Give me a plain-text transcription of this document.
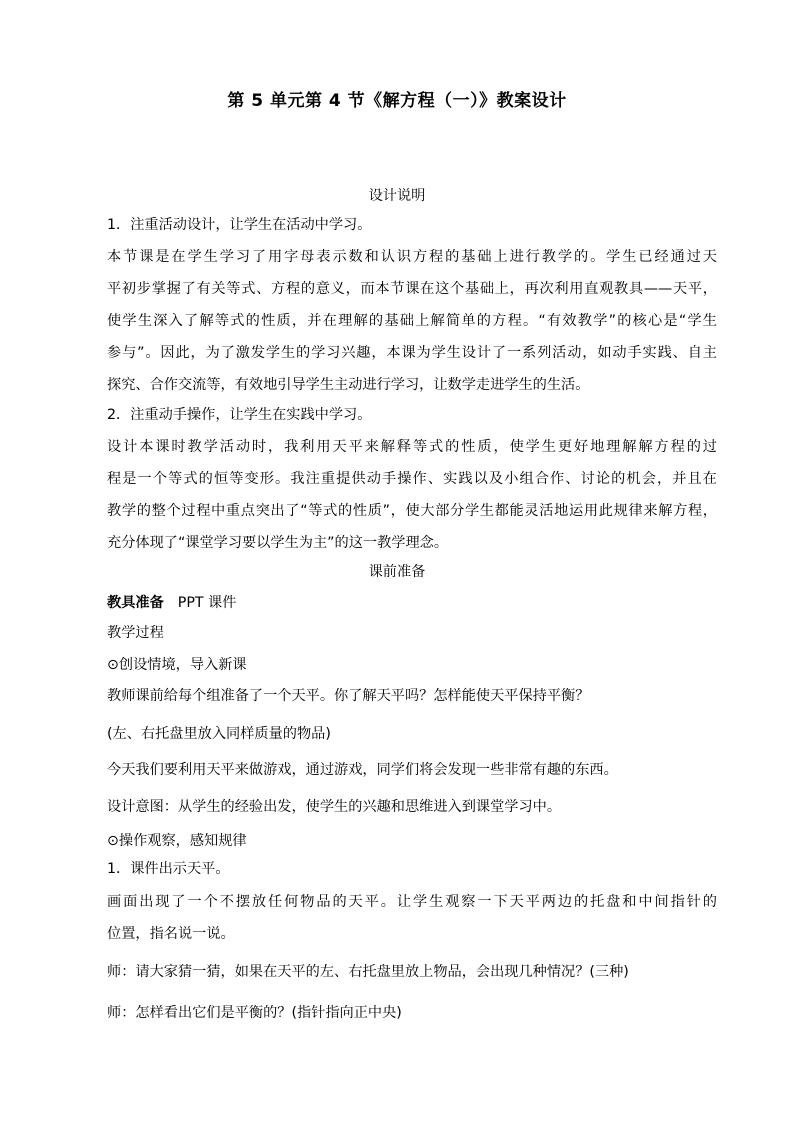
第 5 单元第 4 节《解方程（一）》教案设计
设计说明
1．注重活动设计，让学生在活动中学习。
本节课是在学生学习了用字母表示数和认识方程的基础上进行教学的。学生已经通过天
平初步掌握了有关等式、方程的意义，而本节课在这个基础上，再次利用直观教具——天平，
使学生深入了解等式的性质，并在理解的基础上解简单的方程。“有效教学”的核心是“学生
参与”。因此，为了激发学生的学习兴趣，本课为学生设计了一系列活动，如动手实践、自主
探究、合作交流等，有效地引导学生主动进行学习，让数学走进学生的生活。
2．注重动手操作，让学生在实践中学习。
设计本课时教学活动时，我利用天平来解释等式的性质，使学生更好地理解解方程的过
程是一个等式的恒等变形。我注重提供动手操作、实践以及小组合作、讨论的机会，并且在
教学的整个过程中重点突出了“等式的性质”，使大部分学生都能灵活地运用此规律来解方程，
充分体现了“课堂学习要以学生为主”的这一教学理念。
课前准备
教具准备 PPT 课件
教学过程
⊙创设情境，导入新课
教师课前给每个组准备了一个天平。你了解天平吗？怎样能使天平保持平衡？
(左、右托盘里放入同样质量的物品)
今天我们要利用天平来做游戏，通过游戏，同学们将会发现一些非常有趣的东西。
设计意图：从学生的经验出发，使学生的兴趣和思维进入到课堂学习中。
⊙操作观察，感知规律
1．课件出示天平。
画面出现了一个不摆放任何物品的天平。让学生观察一下天平两边的托盘和中间指针的
位置，指名说一说。
师：请大家猜一猜，如果在天平的左、右托盘里放上物品，会出现几种情况？(三种)
师：怎样看出它们是平衡的？(指针指向正中央)
